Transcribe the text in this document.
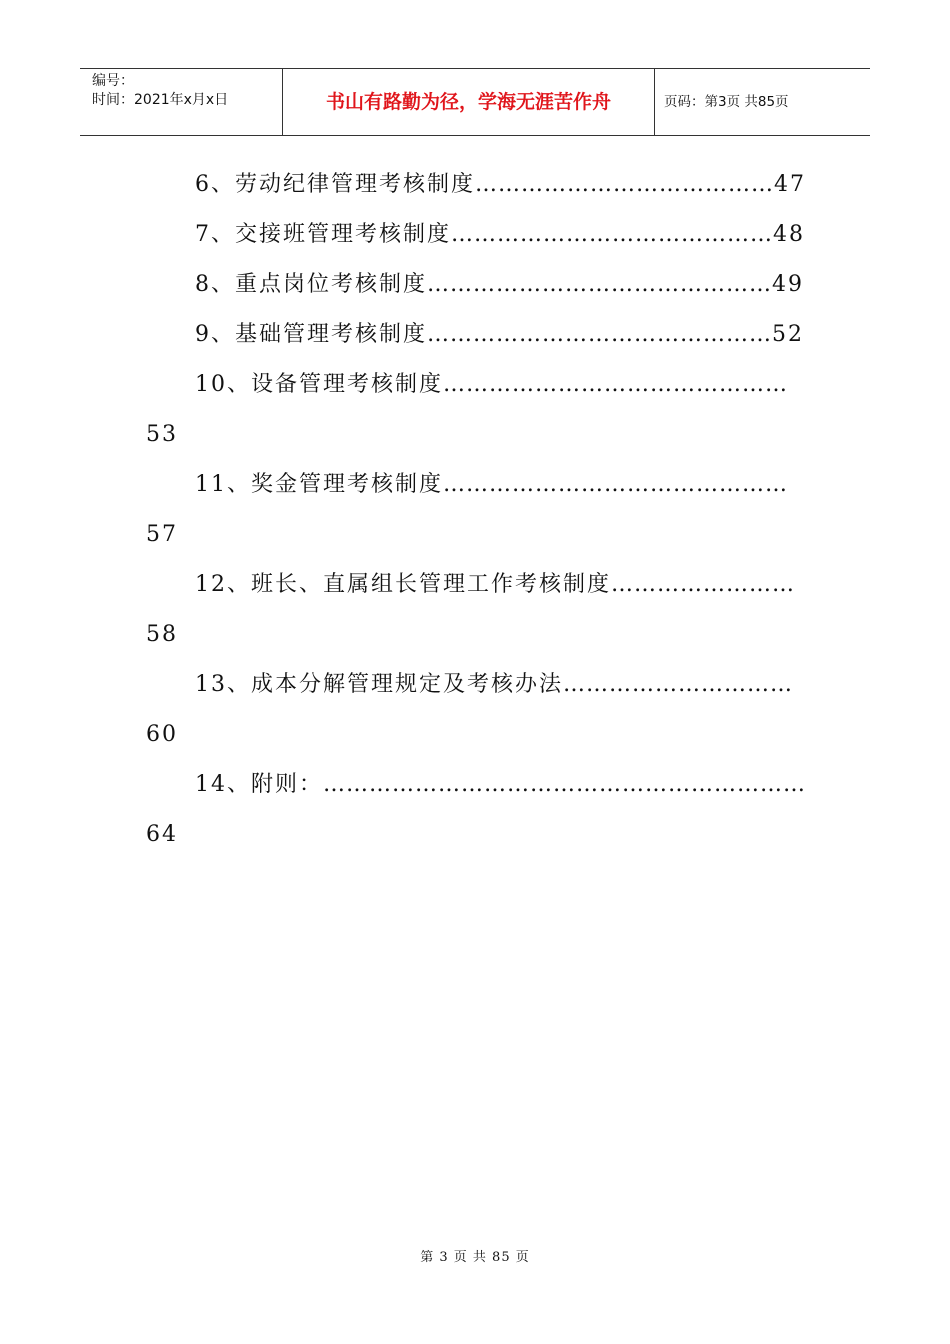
编号：
时间：2021年x月x日	书山有路勤为径，学海无涯苦作舟	页码：第3页 共85页
6、劳动纪律管理考核制度…………………………………47
7、交接班管理考核制度……………………………………48
8、重点岗位考核制度………………………………………49
9、基础管理考核制度………………………………………52
10、设备管理考核制度………………………………………
53
11、奖金管理考核制度………………………………………
57
12、班长、直属组长管理工作考核制度……………………
58
13、成本分解管理规定及考核办法…………………………
60
14、附则：………………………………………………………
64
第 3 页 共 85 页
